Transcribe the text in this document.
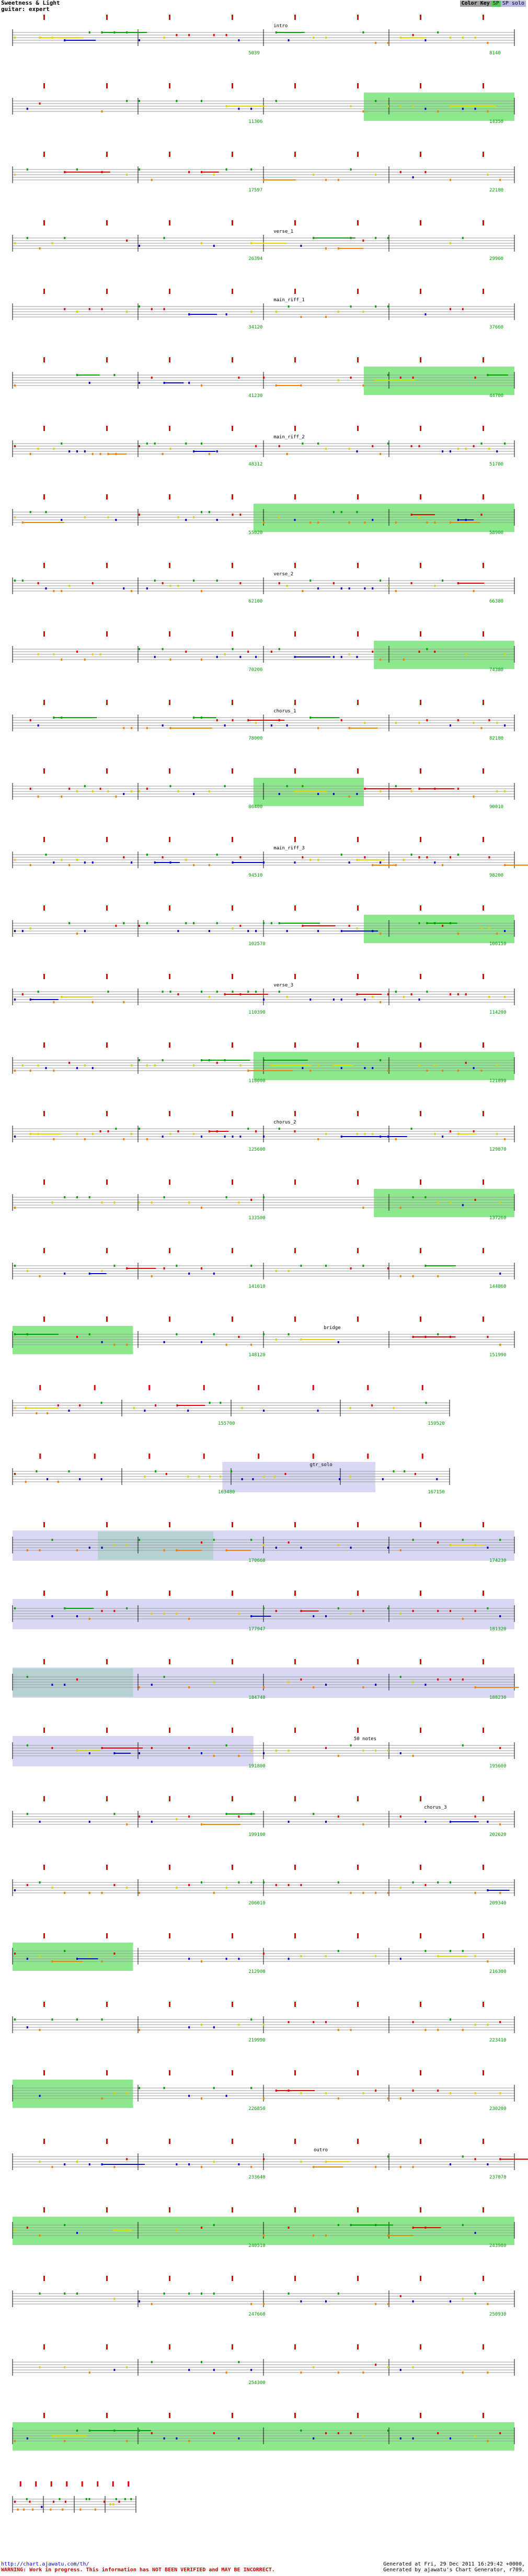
Sweetness & Light
guitar: expert
Color Key SP SP solo
intro
5039	8140
11306	14350
17597	22180
verse_1
26394	29960
main_riff_1
34120	37660
41230	44700
main_riff_2
48312	51700
55020	58900
verse_2
62100	66380
70200	74380
chorus_1
78000	82180
86400	90010
main_riff_3
94510	98200
102570	106150
verse_3
110390	114200
118000	121890
chorus_2
125600	129870
133500	137260
141010	144860
bridge
148120	151990
155700	159520
gtr_solo
163480	167150
170660	174230
177947	181320
184740	188230
50 notes
191800	195600
chorus_3
199100	202620
206010	209340
212900	216300
219990	223410
226850	230200
outro
233640	237070
240510	243980
247660	250930
254300
http://chart.ajawatu.com/th/
WARNING: Work in progress. This information has NOT BEEN VERIFIED and MAY BE INCORRECT.
Generated at Fri, 29 Dec 2011 16:29:42 +0000,
Generated by ajawatu's Chart Generator, r709.
